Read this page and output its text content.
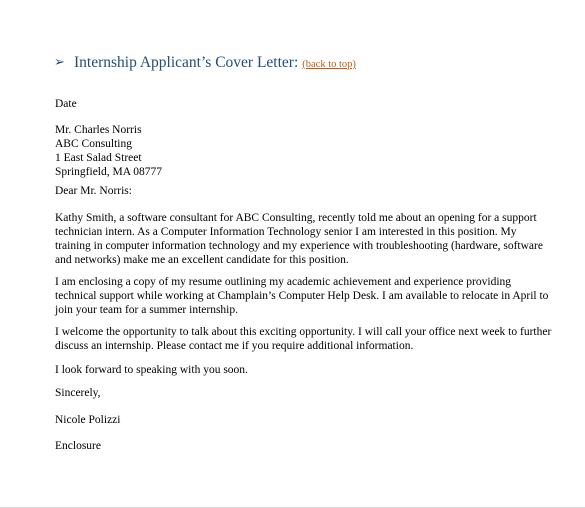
➢ Internship Applicant’s Cover Letter: (back to top)

Date

Mr. Charles Norris
ABC Consulting
1 East Salad Street
Springfield, MA 08777

Dear Mr. Norris:

Kathy Smith, a software consultant for ABC Consulting, recently told me about an opening for a support
technician intern. As a Computer Information Technology senior I am interested in this position. My
training in computer information technology and my experience with troubleshooting (hardware, software
and networks) make me an excellent candidate for this position.

I am enclosing a copy of my resume outlining my academic achievement and experience providing
technical support while working at Champlain’s Computer Help Desk. I am available to relocate in April to
join your team for a summer internship.

I welcome the opportunity to talk about this exciting opportunity. I will call your office next week to further
discuss an internship. Please contact me if you require additional information.

I look forward to speaking with you soon.

Sincerely,

Nicole Polizzi

Enclosure
